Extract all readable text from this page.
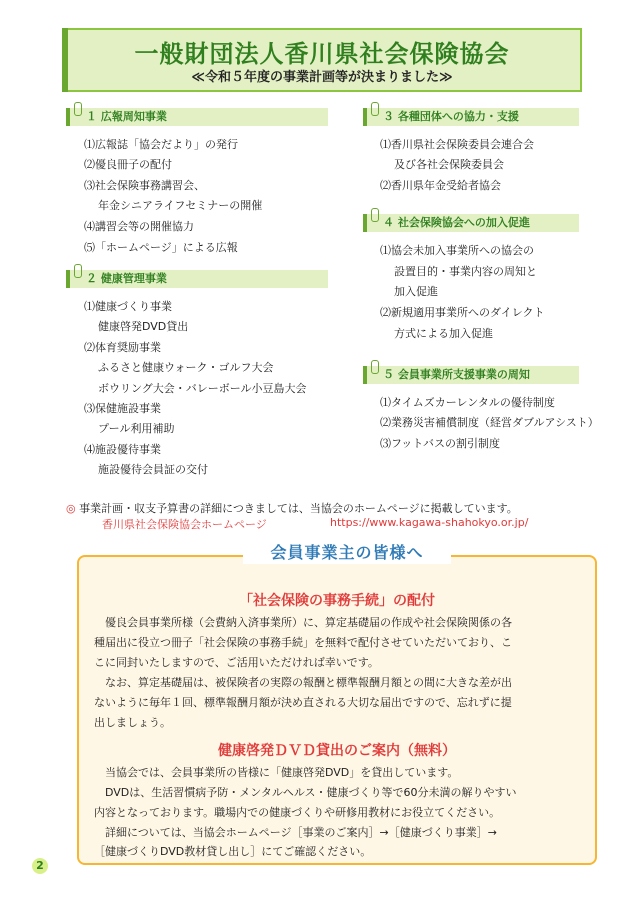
一般財団法人香川県社会保険協会
≪令和５年度の事業計画等が決まりました≫
１ 広報周知事業
⑴広報誌「協会だより」の発行
⑵優良冊子の配付
⑶社会保険事務講習会、
年金シニアライフセミナーの開催
⑷講習会等の開催協力
⑸「ホームページ」による広報
２ 健康管理事業
⑴健康づくり事業
健康啓発DVD貸出
⑵体育奨励事業
ふるさと健康ウォーク・ゴルフ大会
ボウリング大会・バレーボール小豆島大会
⑶保健施設事業
プール利用補助
⑷施設優待事業
施設優待会員証の交付
３ 各種団体への協力・支援
⑴香川県社会保険委員会連合会
及び各社会保険委員会
⑵香川県年金受給者協会
４ 社会保険協会への加入促進
⑴協会未加入事業所への協会の
設置目的・事業内容の周知と
加入促進
⑵新規適用事業所へのダイレクト
方式による加入促進
５ 会員事業所支援事業の周知
⑴タイムズカーレンタルの優待制度
⑵業務災害補償制度（経営ダブルアシスト）
⑶フットバスの割引制度
◎ 事業計画・収支予算書の詳細につきましては、当協会のホームページに掲載しています。
香川県社会保険協会ホームページ	https://www.kagawa-shahokyo.or.jp/
会員事業主の皆様へ
「社会保険の事務手続」の配付
　優良会員事業所様（会費納入済事業所）に、算定基礎届の作成や社会保険関係の各
種届出に役立つ冊子「社会保険の事務手続」を無料で配付させていただいており、こ
こに同封いたしますので、ご活用いただければ幸いです。
　なお、算定基礎届は、被保険者の実際の報酬と標準報酬月額との間に大きな差が出
ないように毎年１回、標準報酬月額が決め直される大切な届出ですので、忘れずに提
出しましょう。
健康啓発ＤＶＤ貸出のご案内（無料）
　当協会では、会員事業所の皆様に「健康啓発DVD」を貸出しています。
　DVDは、生活習慣病予防・メンタルヘルス・健康づくり等で60分未満の解りやすい
内容となっております。職場内での健康づくりや研修用教材にお役立てください。
　詳細については、当協会ホームページ［事業のご案内］→［健康づくり事業］→
［健康づくりDVD教材貸し出し］にてご確認ください。
2
